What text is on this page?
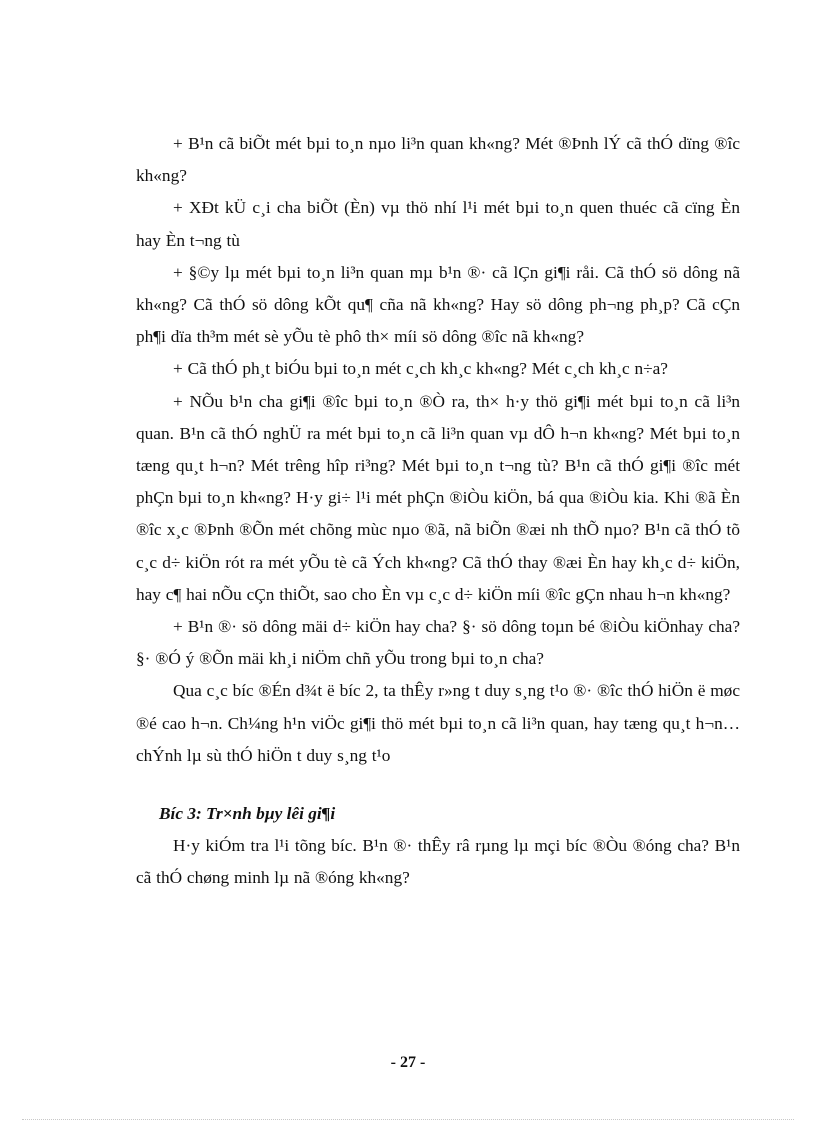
+ B¹n cã biÕt mét bµi to¸n nµo li³n quan kh«ng? Mét ®Þnh lÝ cã thÓ dïng ®îc kh«ng?

+ XÐt kÜ c¸i cha biÕt (Èn) vµ thö nhí l¹i mét bµi to¸n quen thuéc cã cïng Èn hay Èn t¬ng tù

+ §©y lµ mét bµi to¸n li³n quan mµ b¹n ®· cã lÇn gi¶i råi. Cã thÓ sö dông nã kh«ng? Cã thÓ sö dông kÕt qu¶ cña nã kh«ng? Hay sö dông ph¬ng ph¸p? Cã cÇn ph¶i dïa th³m mét sè yÕu tè phô th× míi sö dông ®îc nã kh«ng?

+ Cã thÓ ph¸t biÓu bµi to¸n mét c¸ch kh¸c kh«ng? Mét c¸ch kh¸c n÷a?

+ NÕu b¹n cha gi¶i ®îc bµi to¸n ®Ò ra, th× h·y thö gi¶i mét bµi to¸n cã li³n quan. B¹n cã thÓ nghÜ ra mét bµi to¸n cã li³n quan vµ dÔ h¬n kh«ng? Mét bµi to¸n tæng qu¸t h¬n? Mét trêng hîp ri³ng? Mét bµi to¸n t¬ng tù? B¹n cã thÓ gi¶i ®îc mét phÇn bµi to¸n kh«ng? H·y gi÷ l¹i mét phÇn ®iÒu kiÖn, bá qua ®iÒu kia. Khi ®ã Èn ®îc x¸c ®Þnh ®Õn mét chõng mùc nµo ®ã, nã biÕn ®æi nh thÕ nµo? B¹n cã thÓ tõ c¸c d÷ kiÖn rót ra mét yÕu tè cã Ých kh«ng? Cã thÓ thay ®æi Èn hay kh¸c d÷ kiÖn, hay c¶ hai nÕu cÇn thiÕt, sao cho Èn vµ c¸c d÷ kiÖn míi ®îc gÇn nhau h¬n kh«ng?

+ B¹n ®· sö dông mäi d÷ kiÖn hay cha? §· sö dông toµn bé ®iÒu kiÖnhay cha? §· ®Ó ý ®Õn mäi kh¸i niÖm chñ yÕu trong bµi to¸n cha?

Qua c¸c bíc ®Én d¾t ë bíc 2, ta thÊy r»ng t duy s¸ng t¹o ®· ®îc thÓ hiÖn ë møc ®é cao h¬n. Ch¼ng h¹n viÖc gi¶i thö mét bµi to¸n cã li³n quan, hay tæng qu¸t h¬n… chÝnh lµ sù thÓ hiÖn t duy s¸ng t¹o

Bíc 3: Tr×nh bµy lêi gi¶i

H·y kiÓm tra l¹i tõng bíc. B¹n ®· thÊy râ rµng lµ mçi bíc ®Òu ®óng cha? B¹n cã thÓ chøng minh lµ nã ®óng kh«ng?

- 27 -
